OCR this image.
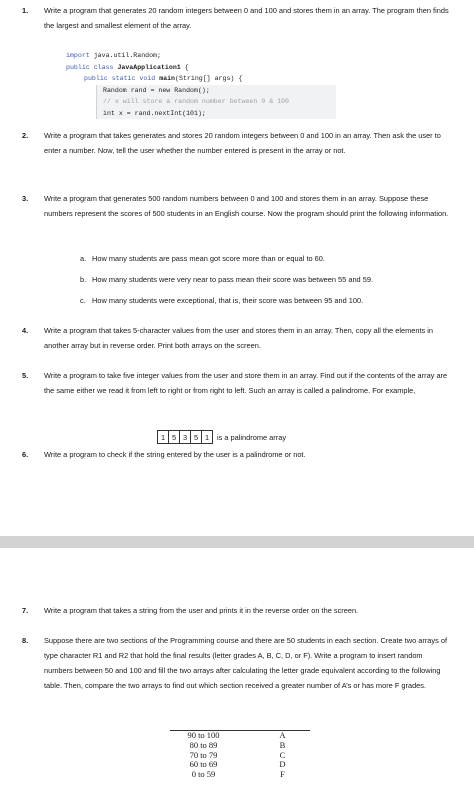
1. Write a program that generates 20 random integers between 0 and 100 and stores them in an array. The program then finds the largest and smallest element of the array.
import java.util.Random;
public class JavaApplication1 {
public static void main(String[] args) {
Random rand = new Random();
// x will store a random number between 0 & 100
int x = rand.nextInt(101);
2. Write a program that takes generates and stores 20 random integers between 0 and 100 in an array. Then ask the user to enter a number. Now, tell the user whether the number entered is present in the array or not.
3. Write a program that generates 500 random numbers between 0 and 100 and stores them in an array. Suppose these numbers represent the scores of 500 students in an English course. Now the program should print the following information.
a. How many students are pass mean got score more than or equal to 60.
b. How many students were very near to pass mean their score was between 55 and 59.
c. How many students were exceptional, that is, their score was between 95 and 100.
4. Write a program that takes 5-character values from the user and stores them in an array. Then, copy all the elements in another array but in reverse order. Print both arrays on the screen.
5. Write a program to take five integer values from the user and store them in an array. Find out if the contents of the array are the same either we read it from left to right or from right to left. Such an array is called a palindrome. For example,
1 5 3 5 1	is a palindrome array
6. Write a program to check if the string entered by the user is a palindrome or not.
7. Write a program that takes a string from the user and prints it in the reverse order on the screen.
8. Suppose there are two sections of the Programming course and there are 50 students in each section. Create two arrays of type character R1 and R2 that hold the final results (letter grades A, B, C, D, or F). Write a program to insert random numbers between 50 and 100 and fill the two arrays after calculating the letter grade equivalent according to the following table. Then, compare the two arrays to find out which section received a greater number of A’s or has more F grades.
90 to 100	A
80 to 89	B
70 to 79	C
60 to 69	D
0 to 59	F
